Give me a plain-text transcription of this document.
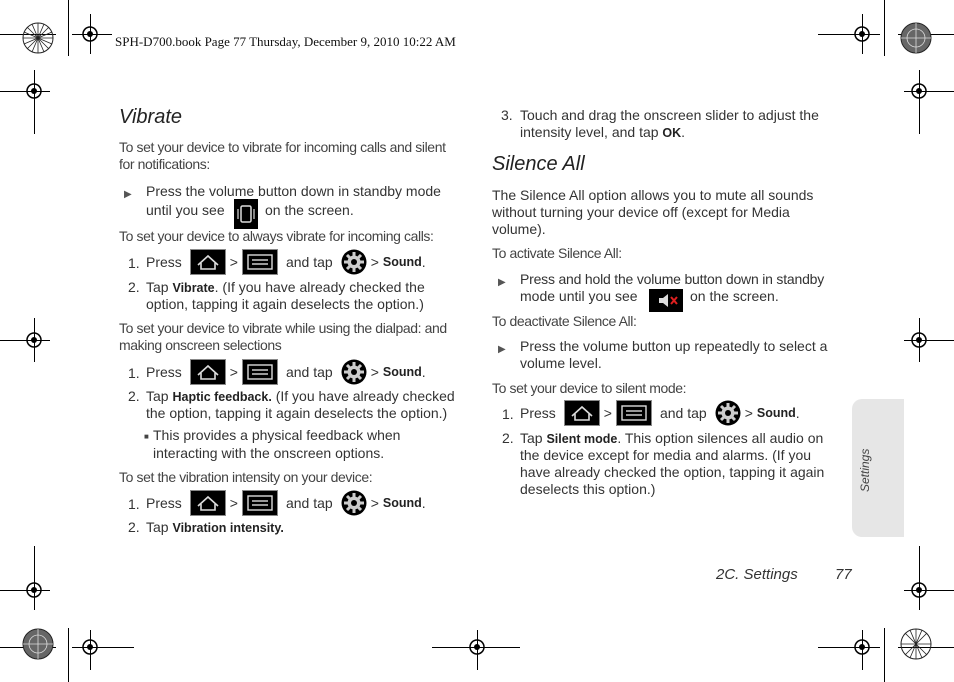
SPH-D700.book Page 77 Thursday, December 9, 2010 10:22 AM
Vibrate
To set your device to vibrate for incoming calls and silent for notifications:
▶ Press the volume button down in standby mode
until you see	on the screen.
To set your device to always vibrate for incoming calls:
1. Press	>	and tap	> Sound .
2. Tap Vibrate. (If you have already checked the
option, tapping it again deselects the option.)
To set your device to vibrate while using the dialpad: and making onscreen selections
1. Press	>	and tap	> Sound .
2. Tap Haptic feedback. (If you have already checked
the option, tapping it again deselects the option.)
■ This provides a physical feedback when
interacting with the onscreen options.
To set the vibration intensity on your device:
1. Press	>	and tap	> Sound .
2. Tap Vibration intensity.
3. Touch and drag the onscreen slider to adjust the
intensity level, and tap OK.
Silence All
The Silence All option allows you to mute all sounds without turning your device off (except for Media volume).
To activate Silence All:
▶ Press and hold the volume button down in standby
mode until you see	on the screen.
To deactivate Silence All:
▶ Press the volume button up repeatedly to select a volume level.
To set your device to silent mode:
1. Press	>	and tap	> Sound .
2. Tap Silent mode. This option silences all audio on
the device except for media and alarms. (If you
have already checked the option, tapping it again
deselects this option.)	Settings
2C. Settings 77
